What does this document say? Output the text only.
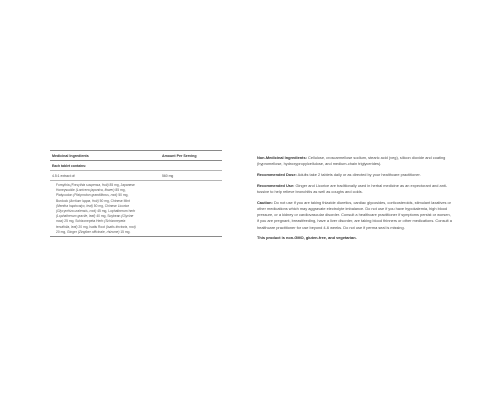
Medicinal Ingredients	Amount Per Serving
Each tablet contains:
4.5:1 extract of:	560 mg
Forsythia (Forsythia suspensa, fruit) 85 mg , Japanese Honeysuckle (Lonicera japonica, flower) 85 mg , Platycodon (Platycodon grandiflorus, root) 50 mg , Burdock (Arctium lappa, fruit) 50 mg , Chinese Mint (Mentha haplocalyx, leaf) 50 mg , Chinese Licorice (Glycyrrhiza uralensis, root) 45 mg , Lophatherum herb (Lophatherum gracile, leaf) 40 mg , Soybean (Glycine max) 25 mg , Schizonepeta Herb (Schizonepeta tenuifolia, leaf) 20 mg , Isatis Root (Isatis tinctoria, root) 20 mg , Ginger (Zingiber officinale, rhizome) 15 mg .

Non-Medicinal Ingredients: Cellulose, croscarmellose sodium, stearic acid (veg), silicon dioxide and coating (hypromellose, hydroxypropylcellulose, and medium-chain triglycerides).

Recommended Dose: Adults take 2 tablets daily or as directed by your healthcare practitioner.

Recommended Use: Ginger and Licorice are traditionally used in herbal medicine as an expectorant and anti-tussive to help relieve bronchitis as well as coughs and colds.

Caution: Do not use if you are taking thiazide diuretics, cardiac glycosides, corticosteroids, stimulant laxatives or other medications which may aggravate electrolyte imbalance. Do not use if you have hypokalemia, high blood pressure, or a kidney or cardiovascular disorder. Consult a healthcare practitioner if symptoms persist or worsen, if you are pregnant, breastfeeding, have a liver disorder, are taking blood thinners or other medications. Consult a healthcare practitioner for use beyond 4-6 weeks. Do not use if perma seal is missing.

This product is non-GMO, gluten-free, and vegetarian.
